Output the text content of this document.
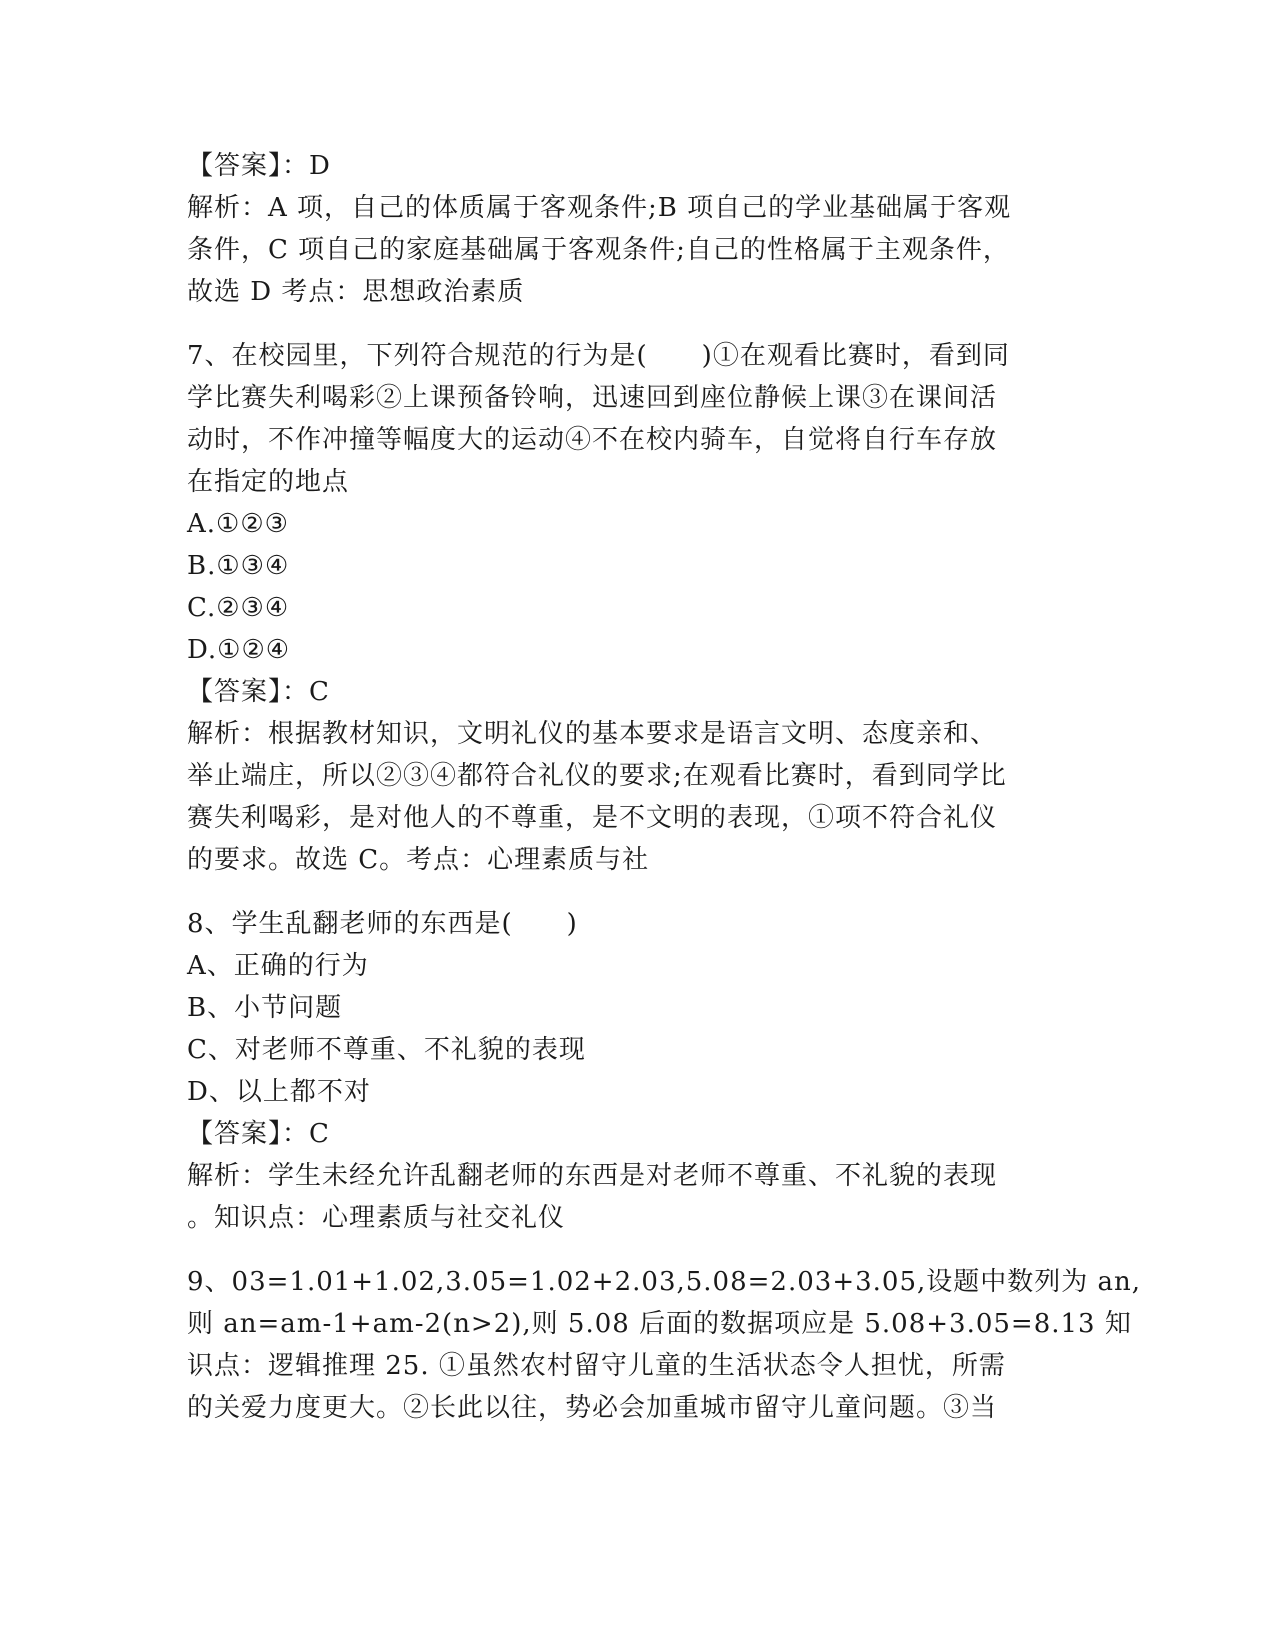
【答案】：D
解析：A 项，自己的体质属于客观条件;B 项自己的学业基础属于客观
条件，C 项自己的家庭基础属于客观条件;自己的性格属于主观条件，
故选 D 考点：思想政治素质
7、在校园里，下列符合规范的行为是(　　)①在观看比赛时，看到同
学比赛失利喝彩②上课预备铃响，迅速回到座位静候上课③在课间活
动时，不作冲撞等幅度大的运动④不在校内骑车，自觉将自行车存放
在指定的地点
A.①②③
B.①③④
C.②③④
D.①②④
【答案】：C
解析：根据教材知识，文明礼仪的基本要求是语言文明、态度亲和、
举止端庄，所以②③④都符合礼仪的要求;在观看比赛时，看到同学比
赛失利喝彩，是对他人的不尊重，是不文明的表现，①项不符合礼仪
的要求。故选 C。考点：心理素质与社
8、学生乱翻老师的东西是(　　)
A、正确的行为
B、小节问题
C、对老师不尊重、不礼貌的表现
D、以上都不对
【答案】：C
解析：学生未经允许乱翻老师的东西是对老师不尊重、不礼貌的表现
。知识点：心理素质与社交礼仪
9、03=1.01+1.02,3.05=1.02+2.03,5.08=2.03+3.05,设题中数列为 an,
则 an=am-1+am-2(n>2),则 5.08 后面的数据项应是 5.08+3.05=8.13 知
识点：逻辑推理 25. ①虽然农村留守儿童的生活状态令人担忧，所需
的关爱力度更大。②长此以往，势必会加重城市留守儿童问题。③当
